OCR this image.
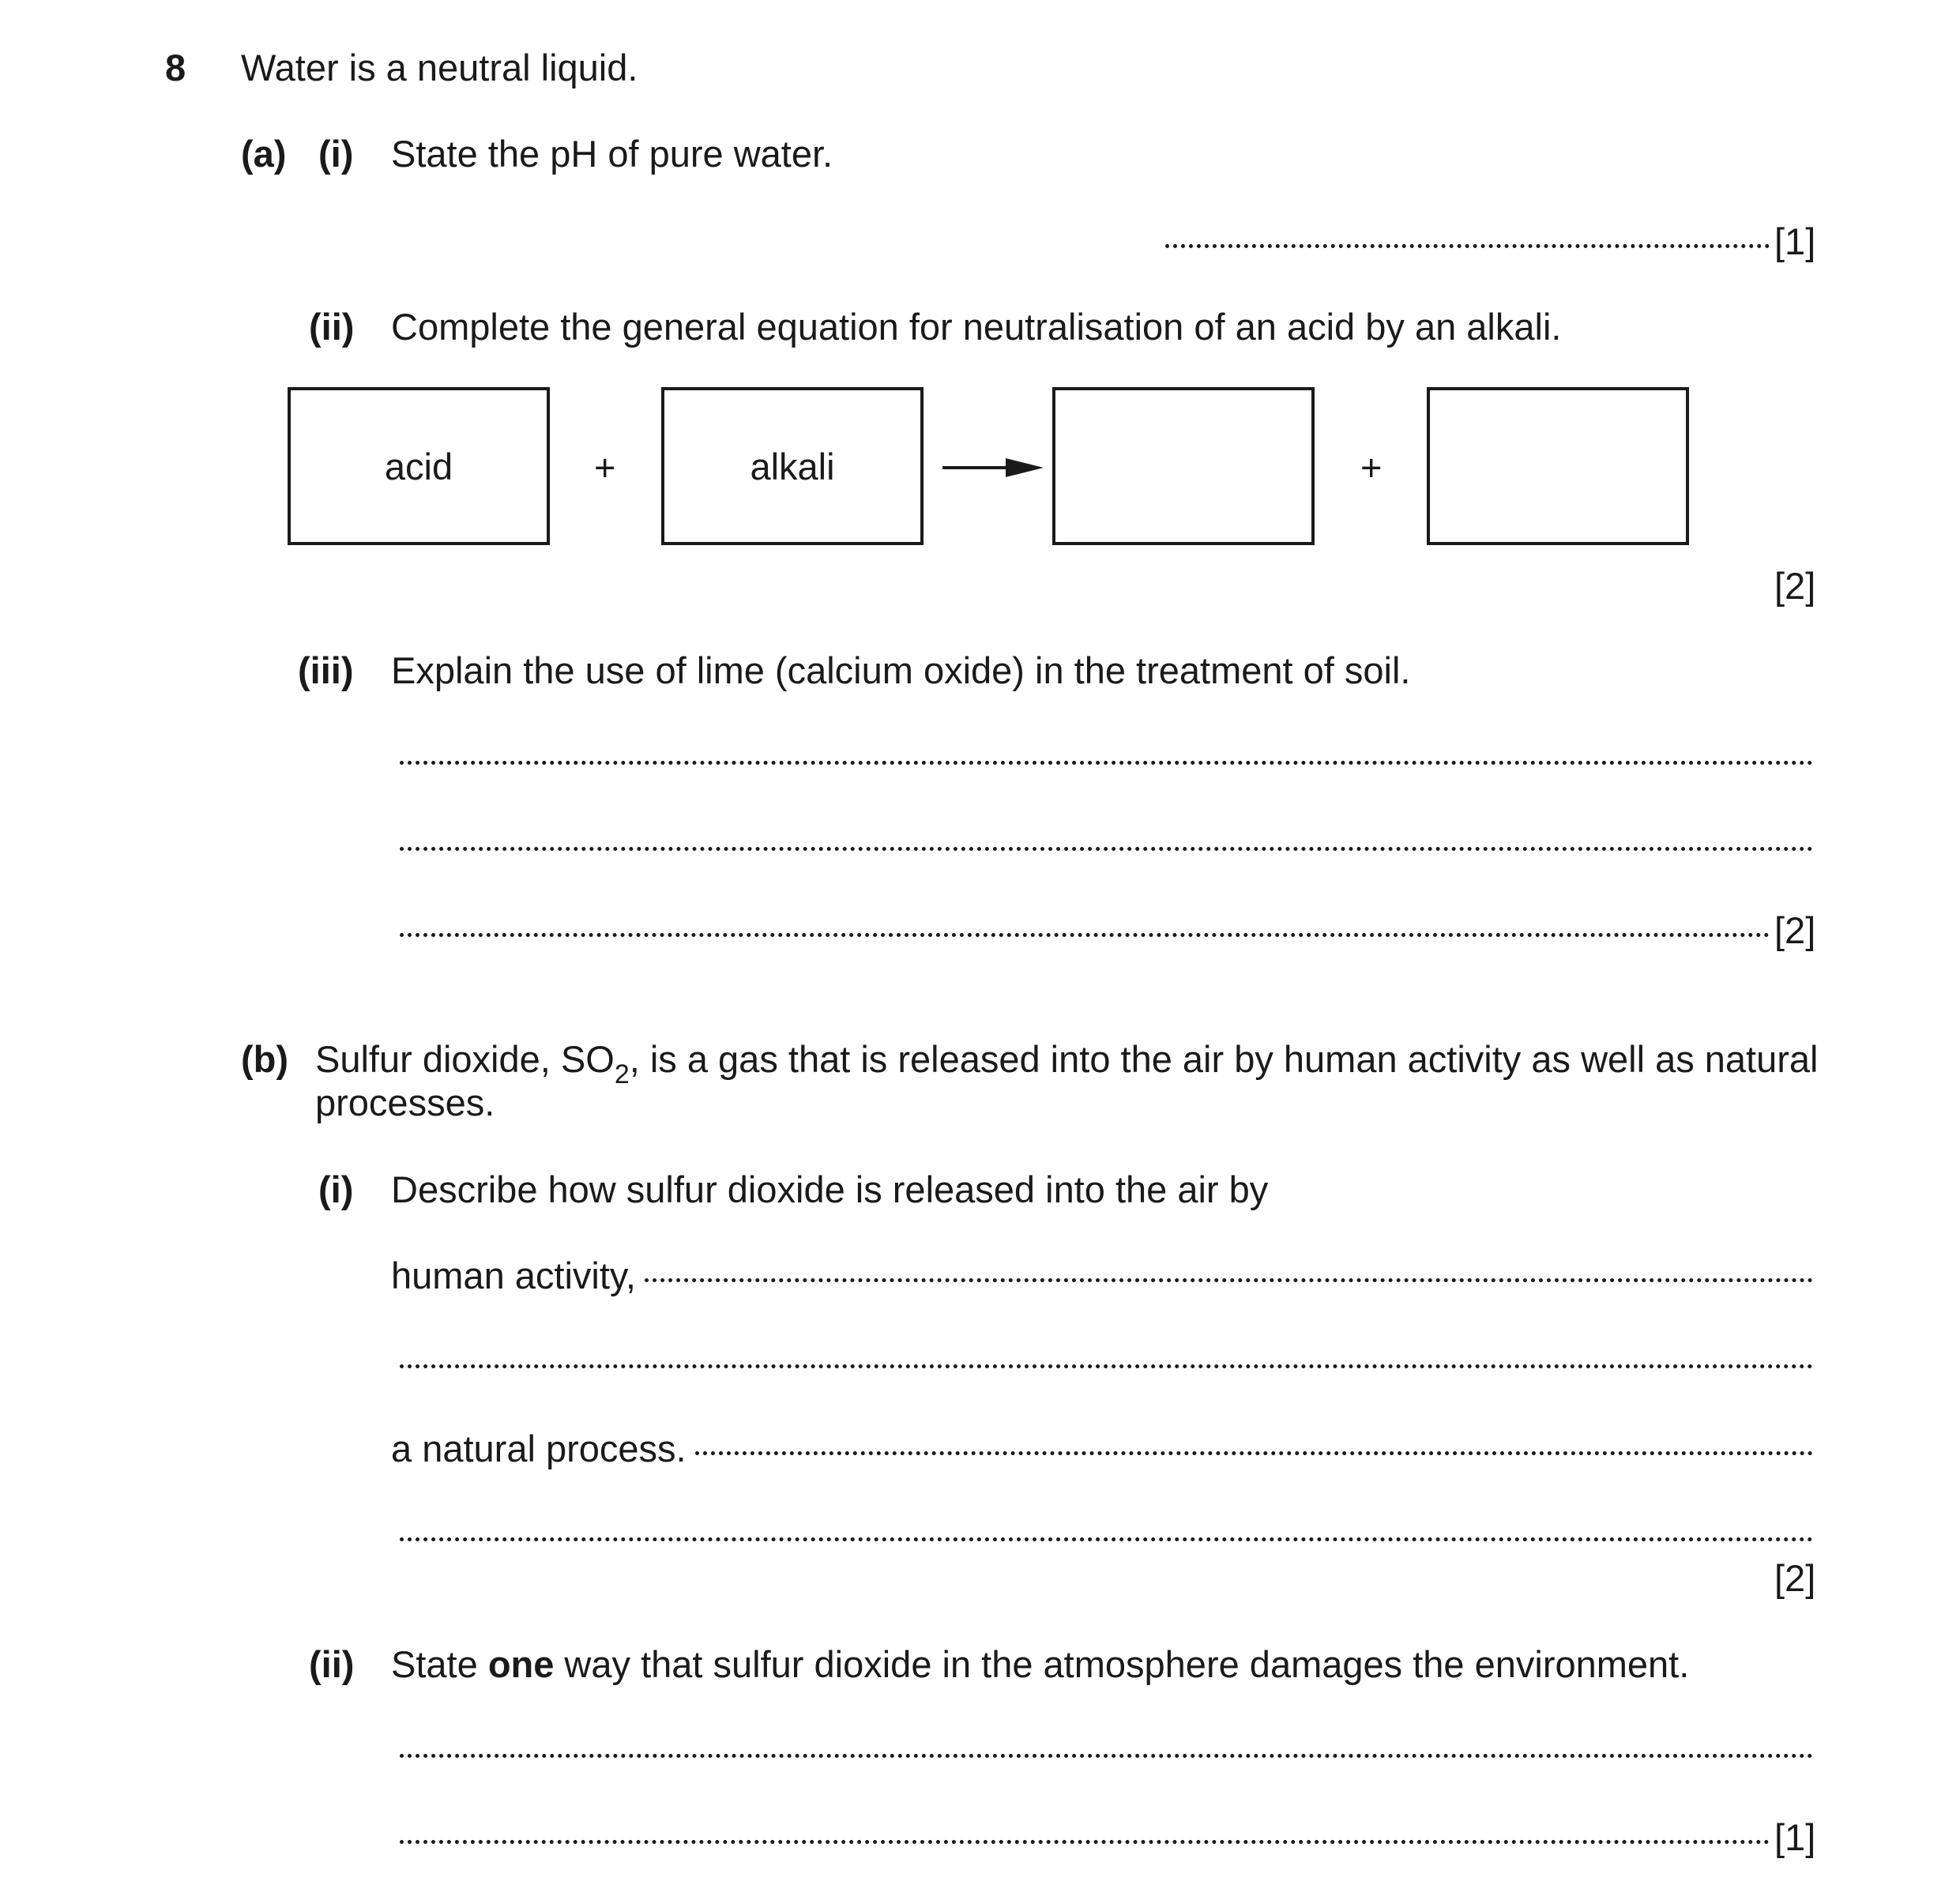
8 Water is a neutral liquid.
(a) (i) State the pH of pure water.
[1]
(ii) Complete the general equation for neutralisation of an acid by an alkali.
acid	+	alkali	+
[2]
(iii) Explain the use of lime (calcium oxide) in the treatment of soil.
[2]
(b) Sulfur dioxide, $SO_2$, is a gas that is released into the air by human activity as well as natural
processes.
(i) Describe how sulfur dioxide is released into the air by
human activity,
a natural process.
[2]
(ii) State one way that sulfur dioxide in the atmosphere damages the environment.
[1]
